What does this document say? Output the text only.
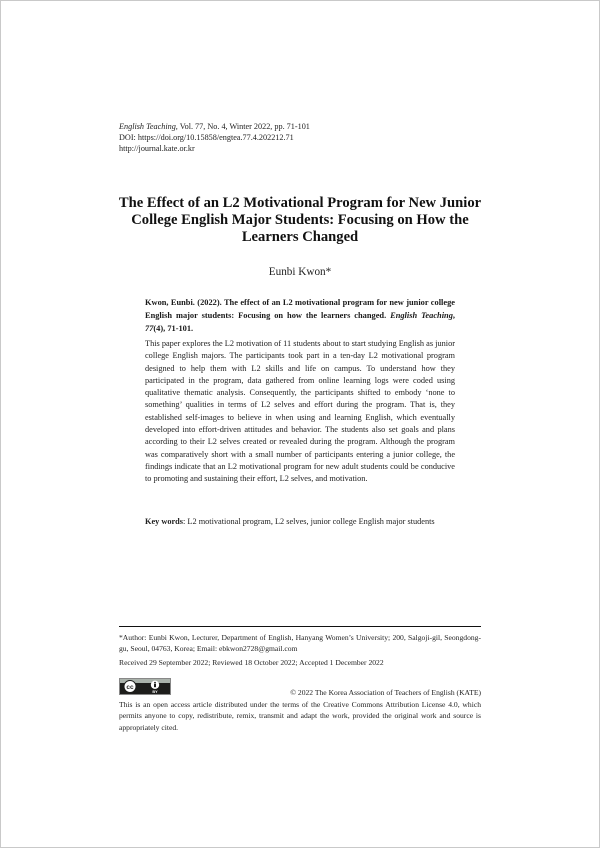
English Teaching, Vol. 77, No. 4, Winter 2022, pp. 71-101
DOI: https://doi.org/10.15858/engtea.77.4.202212.71
http://journal.kate.or.kr
The Effect of an L2 Motivational Program for New Junior College English Major Students: Focusing on How the Learners Changed
Eunbi Kwon*
Kwon, Eunbi. (2022). The effect of an L2 motivational program for new junior college English major students: Focusing on how the learners changed. English Teaching, 77(4), 71-101.
This paper explores the L2 motivation of 11 students about to start studying English as junior college English majors. The participants took part in a ten-day L2 motivational program designed to help them with L2 skills and life on campus. To understand how they participated in the program, data gathered from online learning logs were coded using qualitative thematic analysis. Consequently, the participants shifted to embody ‘none to something’ qualities in terms of L2 selves and effort during the program. That is, they established self-images to believe in when using and learning English, which eventually developed into effort-driven attitudes and behavior. The students also set goals and plans according to their L2 selves created or revealed during the program. Although the program was comparatively short with a small number of participants entering a junior college, the findings indicate that an L2 motivational program for new adult students could be conducive to promoting and sustaining their effort, L2 selves, and motivation.
Key words: L2 motivational program, L2 selves, junior college English major students
*Author: Eunbi Kwon, Lecturer, Department of English, Hanyang Women’s University; 200, Salgoji-gil, Seongdong-gu, Seoul, 04763, Korea; Email: ebkwon2728@gmail.com
Received 29 September 2022; Reviewed 18 October 2022; Accepted 1 December 2022
cc
BY	© 2022 The Korea Association of Teachers of English (KATE)
This is an open access article distributed under the terms of the Creative Commons Attribution License 4.0, which permits anyone to copy, redistribute, remix, transmit and adapt the work, provided the original work and source is appropriately cited.
